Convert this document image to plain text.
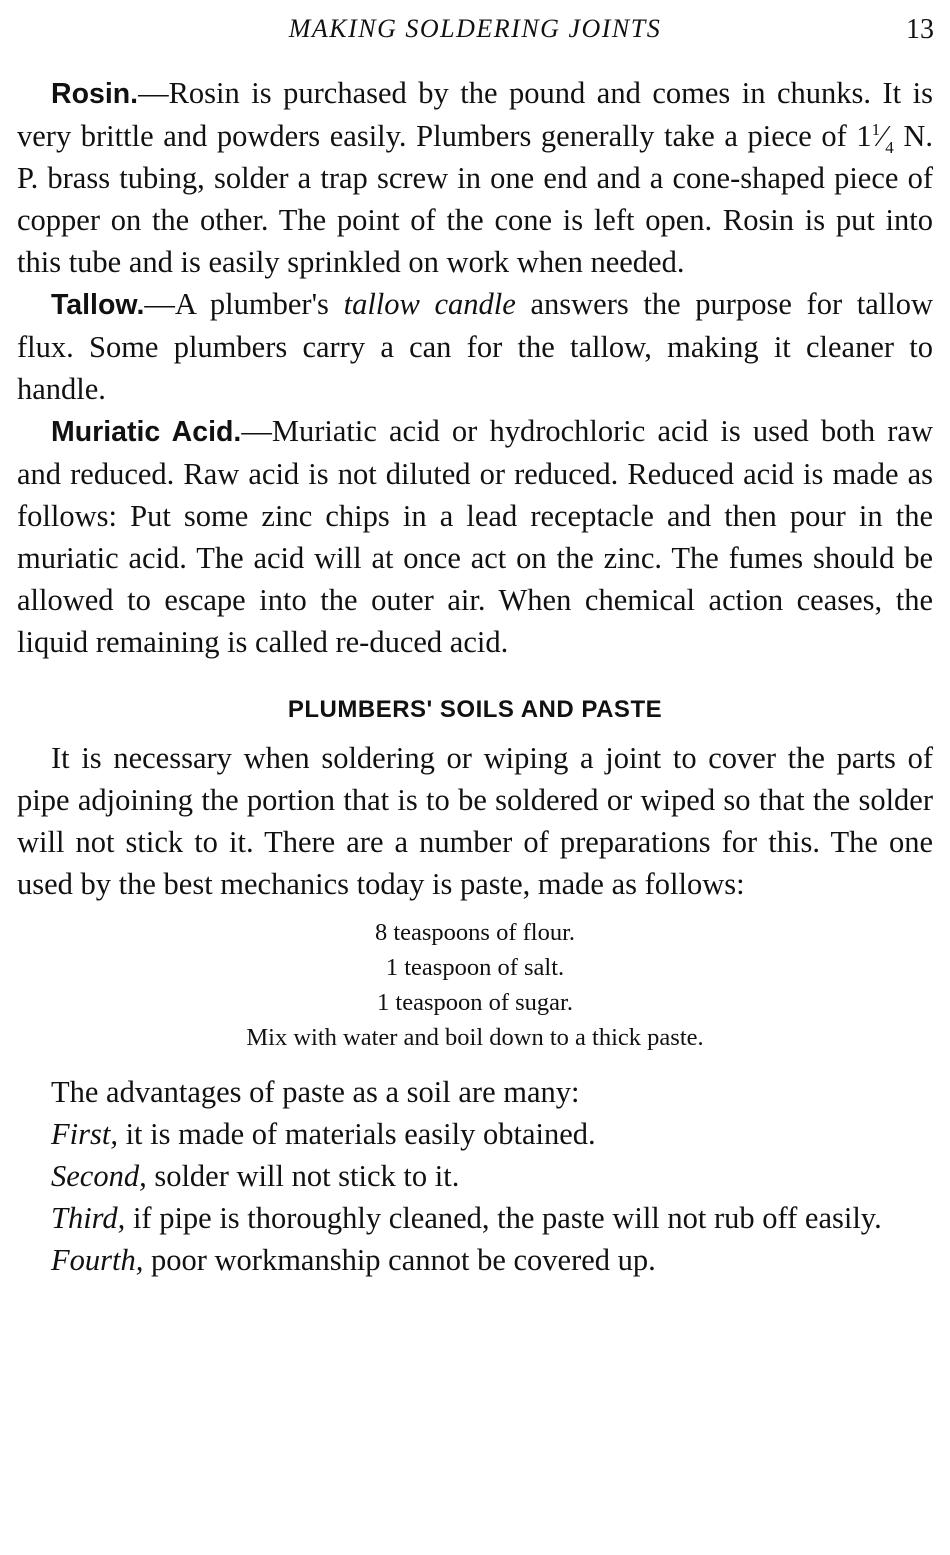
MAKING SOLDERING JOINTS	13

Rosin.—Rosin is purchased by the pound and comes in chunks. It is very brittle and powders easily. Plumbers generally take a piece of $1^1⁄_4$ N. P. brass tubing, solder a trap screw in one end and a cone-shaped piece of copper on the other. The point of the cone is left open. Rosin is put into this tube and is easily sprinkled on work when needed.

Tallow.—A plumber's tallow candle answers the purpose for tallow flux. Some plumbers carry a can for the tallow, making it cleaner to handle.

Muriatic Acid.—Muriatic acid or hydrochloric acid is used both raw and reduced. Raw acid is not diluted or reduced. Reduced acid is made as follows: Put some zinc chips in a lead receptacle and then pour in the muriatic acid. The acid will at once act on the zinc. The fumes should be allowed to escape into the outer air. When chemical action ceases, the liquid remaining is called re-duced acid.

PLUMBERS' SOILS AND PASTE

It is necessary when soldering or wiping a joint to cover the parts of pipe adjoining the portion that is to be soldered or wiped so that the solder will not stick to it. There are a number of preparations for this. The one used by the best mechanics today is paste, made as follows:

8 teaspoons of flour.
1 teaspoon of salt.
1 teaspoon of sugar.
Mix with water and boil down to a thick paste.

The advantages of paste as a soil are many:

First, it is made of materials easily obtained.

Second, solder will not stick to it.

Third, if pipe is thoroughly cleaned, the paste will not rub off easily.

Fourth, poor workmanship cannot be covered up.
